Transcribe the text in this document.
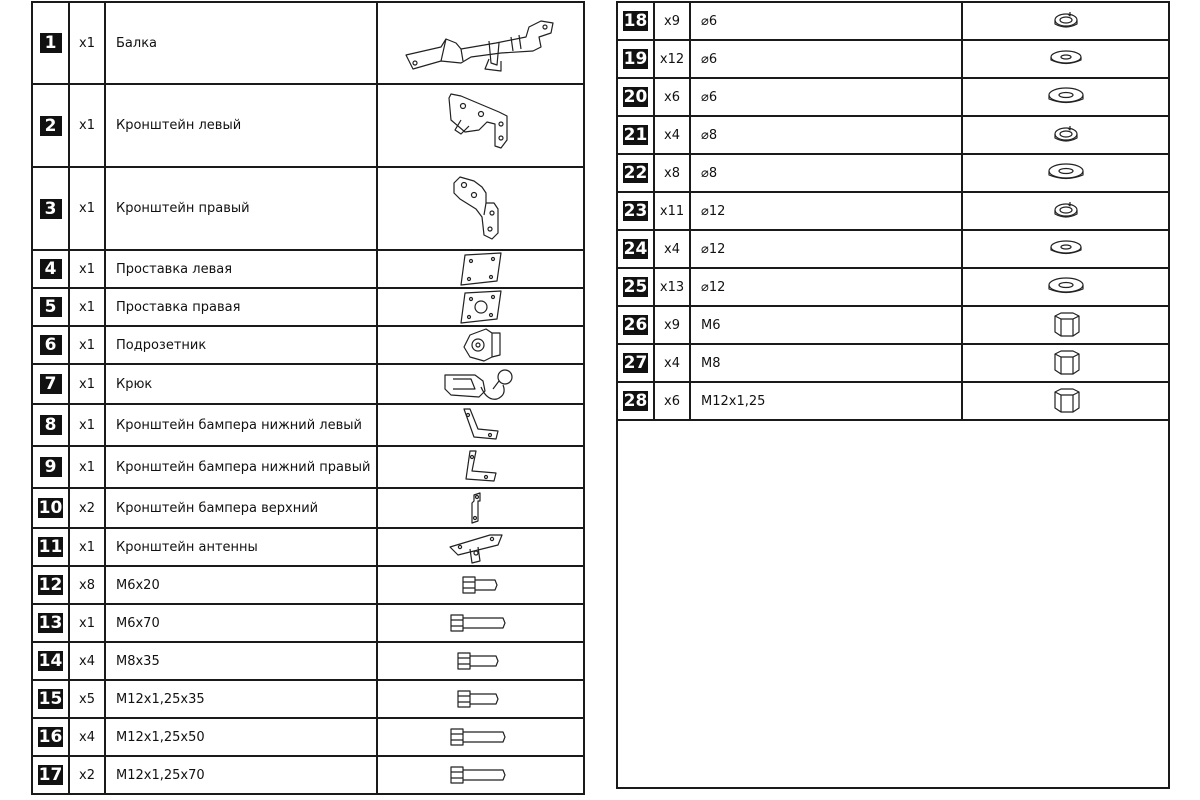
1	x1	Балка	

2	x1	Кронштейн левый	

3	x1	Кронштейн правый	

4	x1	Проставка левая	

5	x1	Проставка правая	

6	x1	Подрозетник	

7	x1	Крюк	

8	x1	Кронштейн бампера нижний левый	

9	x1	Кронштейн бампера нижний правый	

10	x2	Кронштейн бампера верхний	

11	x1	Кронштейн антенны	

12	x8	M6x20	

13	x1	M6x70	

14	x4	M8x35	

15	x5	M12x1,25x35	

16	x4	M12x1,25x50	

17	x2	M12x1,25x70	
18	x9	⌀6	

19	x12	⌀6	

20	x6	⌀6	

21	x4	⌀8	

22	x8	⌀8	

23	x11	⌀12	

24	x4	⌀12	

25	x13	⌀12	

26	x9	M6	

27	x4	M8	

28	x6	M12x1,25	
